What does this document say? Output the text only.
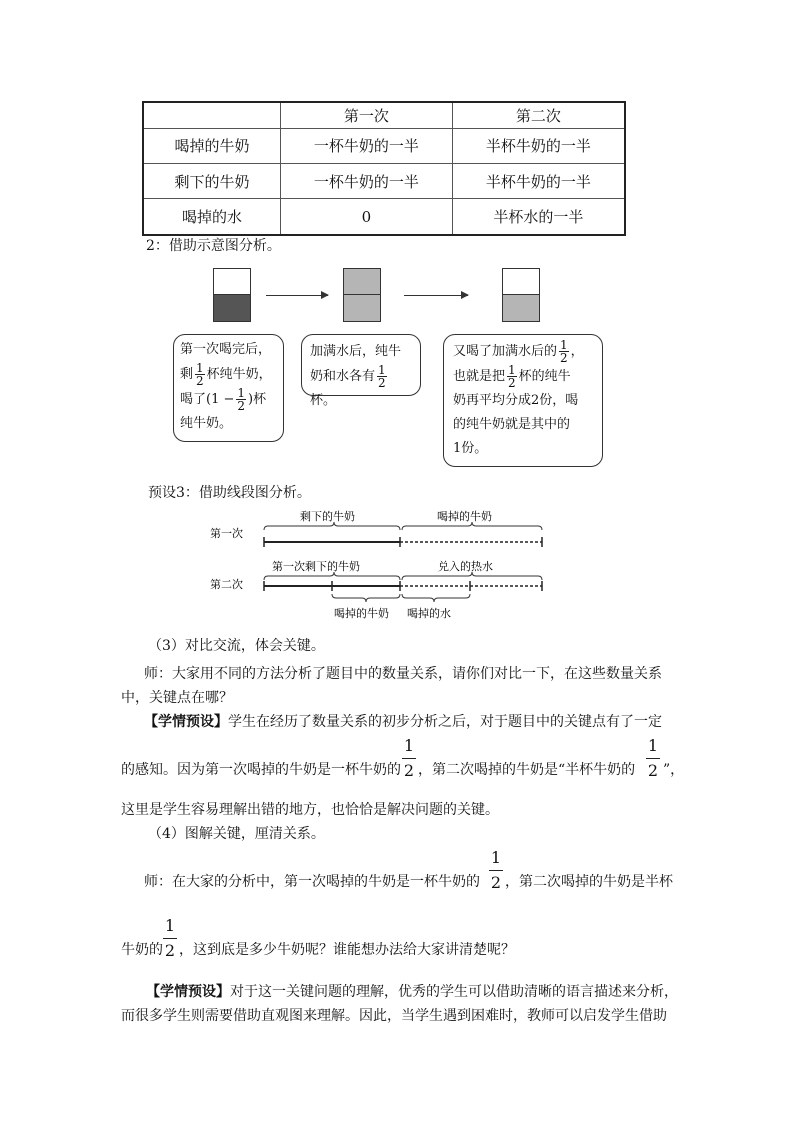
	第一次	第二次
喝掉的牛奶	一杯牛奶的一半	半杯牛奶的一半
剩下的牛奶	一杯牛奶的一半	半杯牛奶的一半
喝掉的水	0	半杯水的一半
2：借助示意图分析。
第一次喝完后，
剩 $\frac{1}{2}$ 杯纯牛奶，
喝了($1 - \frac{1}{2}$ )杯
纯牛奶。
加满水后，纯牛
奶和水各有 $\frac{1}{2}$
杯。
又喝了加满水后的 $\frac{1}{2}$ ，
也就是把 $\frac{1}{2}$ 杯的纯牛
奶再平均分成2份，喝
的纯牛奶就是其中的
1份。
预设3：借助线段图分析。
第一次
剩下的牛奶	喝掉的牛奶
第二次
第一次剩下的牛奶	兑入的热水
喝掉的牛奶 喝掉的水
（3）对比交流，体会关键。
师：大家用不同的方法分析了题目中的数量关系，请你们对比一下，在这些数量关系
中，关键点在哪？
【学情预设】学生在经历了数量关系的初步分析之后，对于题目中的关键点有了一定
的感知。因为第一次喝掉的牛奶是一杯牛奶的
1
2 ，第二次喝掉的牛奶是“半杯牛奶的
1
2 ”，
这里是学生容易理解出错的地方，也恰恰是解决问题的关键。
（4）图解关键，厘清关系。
师：在大家的分析中，第一次喝掉的牛奶是一杯牛奶的
1
2 ，第二次喝掉的牛奶是半杯
牛奶的
1
2 ，这到底是多少牛奶呢？谁能想办法给大家讲清楚呢？
【学情预设】对于这一关键问题的理解，优秀的学生可以借助清晰的语言描述来分析，
而很多学生则需要借助直观图来理解。因此，当学生遇到困难时，教师可以启发学生借助
